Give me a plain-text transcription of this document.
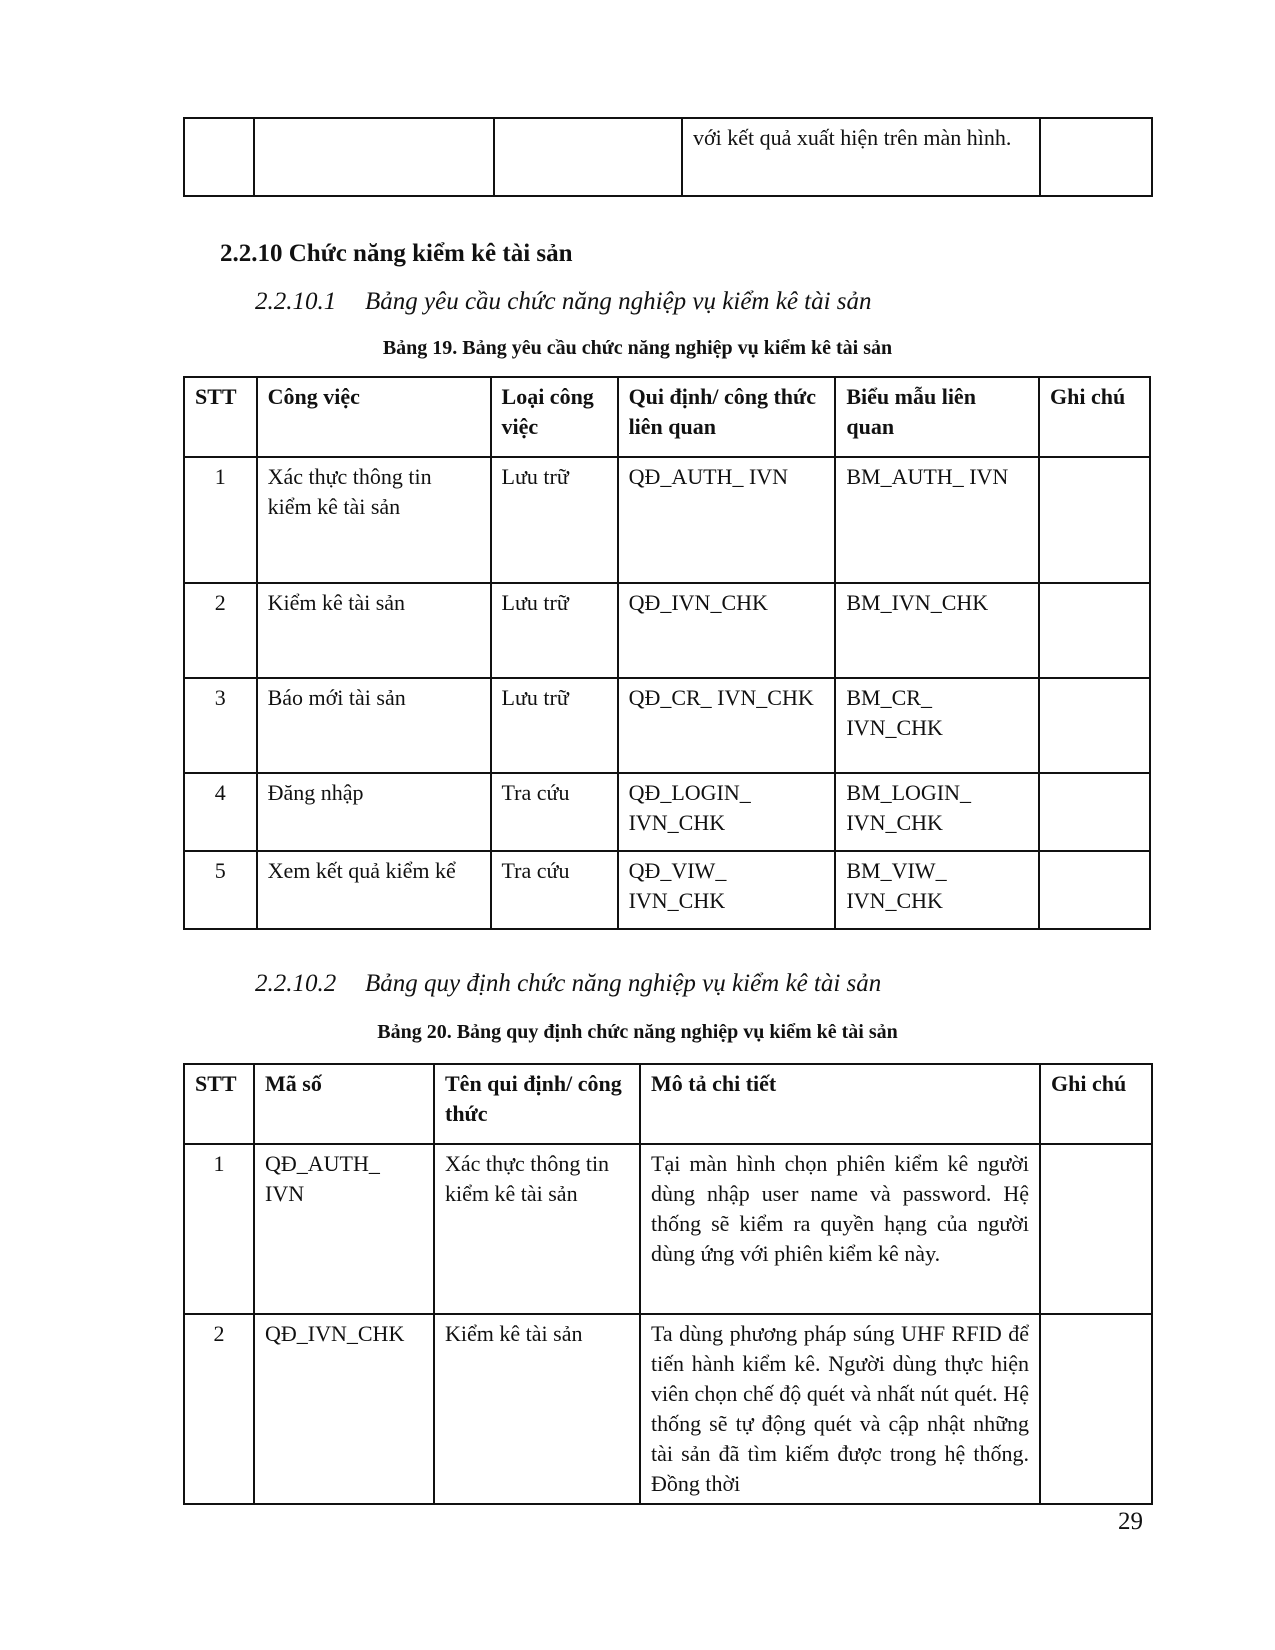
			với kết quả xuất hiện trên màn hình.	
2.2.10 Chức năng kiểm kê tài sản
2.2.10.1 Bảng yêu cầu chức năng nghiệp vụ kiểm kê tài sản
Bảng 19. Bảng yêu cầu chức năng nghiệp vụ kiểm kê tài sản
STT	Công việc	Loại công việc	Qui định/ công thức liên quan	Biểu mẫu liên quan	Ghi chú
1	Xác thực thông tin kiểm kê tài sản	Lưu trữ	QĐ_AUTH_ IVN	BM_AUTH_ IVN	
2	Kiểm kê tài sản	Lưu trữ	QĐ_IVN_CHK	BM_IVN_CHK	
3	Báo mới tài sản	Lưu trữ	QĐ_CR_ IVN_CHK	BM_CR_ IVN_CHK	
4	Đăng nhập	Tra cứu	QĐ_LOGIN_ IVN_CHK	BM_LOGIN_ IVN_CHK	
5	Xem kết quả kiểm kể	Tra cứu	QĐ_VIW_ IVN_CHK	BM_VIW_ IVN_CHK	
2.2.10.2 Bảng quy định chức năng nghiệp vụ kiểm kê tài sản
Bảng 20. Bảng quy định chức năng nghiệp vụ kiểm kê tài sản
STT	Mã số	Tên qui định/ công thức	Mô tả chi tiết	Ghi chú
1	QĐ_AUTH_ IVN	Xác thực thông tin kiểm kê tài sản	Tại màn hình chọn phiên kiểm kê người dùng nhập user name và password. Hệ thống sẽ kiểm ra quyền hạng của người dùng ứng với phiên kiểm kê này.	
2	QĐ_IVN_CHK	Kiểm kê tài sản	Ta dùng phương pháp súng UHF RFID để tiến hành kiểm kê. Người dùng thực hiện viên chọn chế độ quét và nhất nút quét. Hệ thống sẽ tự động quét và cập nhật những tài sản đã tìm kiếm được trong hệ thống. Đồng thời	
29
